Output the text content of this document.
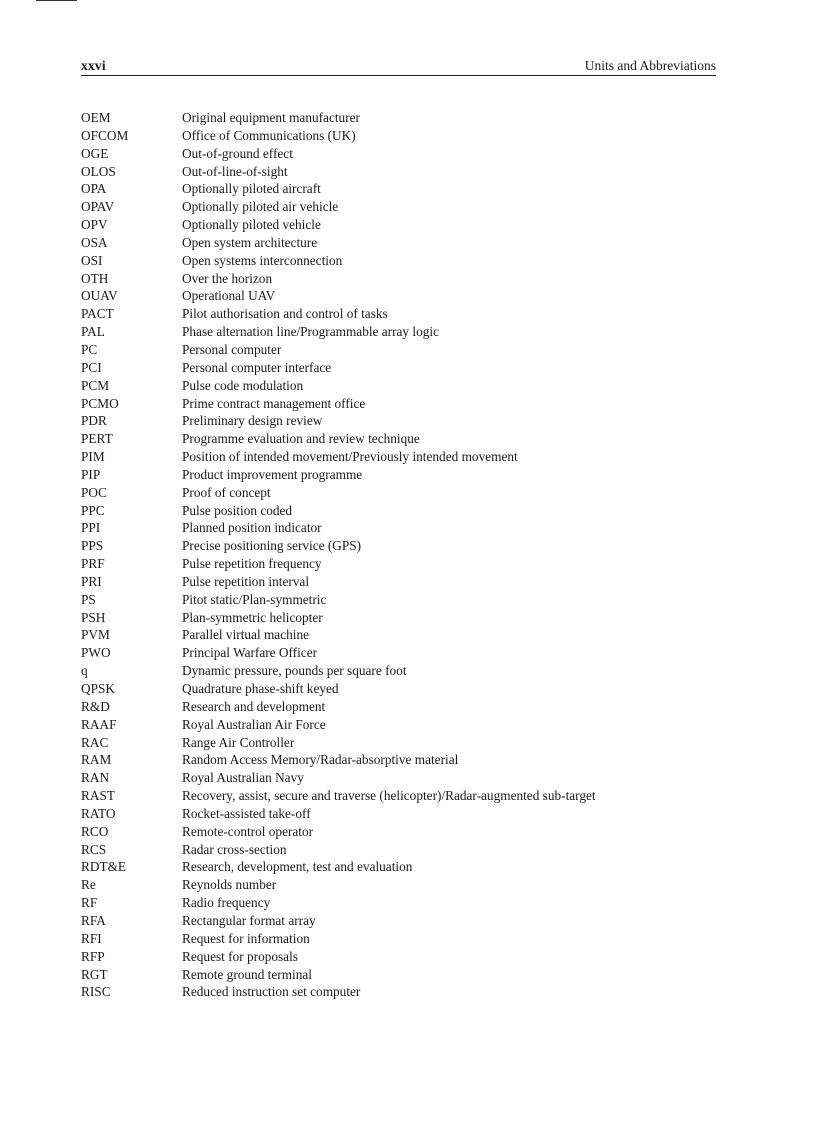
xxvi	Units and Abbreviations
OEM	Original equipment manufacturer
OFCOM	Office of Communications (UK)
OGE	Out-of-ground effect
OLOS	Out-of-line-of-sight
OPA	Optionally piloted aircraft
OPAV	Optionally piloted air vehicle
OPV	Optionally piloted vehicle
OSA	Open system architecture
OSI	Open systems interconnection
OTH	Over the horizon
OUAV	Operational UAV
PACT	Pilot authorisation and control of tasks
PAL	Phase alternation line/Programmable array logic
PC	Personal computer
PCI	Personal computer interface
PCM	Pulse code modulation
PCMO	Prime contract management office
PDR	Preliminary design review
PERT	Programme evaluation and review technique
PIM	Position of intended movement/Previously intended movement
PIP	Product improvement programme
POC	Proof of concept
PPC	Pulse position coded
PPI	Planned position indicator
PPS	Precise positioning service (GPS)
PRF	Pulse repetition frequency
PRI	Pulse repetition interval
PS	Pitot static/Plan-symmetric
PSH	Plan-symmetric helicopter
PVM	Parallel virtual machine
PWO	Principal Warfare Officer
q	Dynamic pressure, pounds per square foot
QPSK	Quadrature phase-shift keyed
R&D	Research and development
RAAF	Royal Australian Air Force
RAC	Range Air Controller
RAM	Random Access Memory/Radar-absorptive material
RAN	Royal Australian Navy
RAST	Recovery, assist, secure and traverse (helicopter)/Radar-augmented sub-target
RATO	Rocket-assisted take-off
RCO	Remote-control operator
RCS	Radar cross-section
RDT&E	Research, development, test and evaluation
Re	Reynolds number
RF	Radio frequency
RFA	Rectangular format array
RFI	Request for information
RFP	Request for proposals
RGT	Remote ground terminal
RISC	Reduced instruction set computer
